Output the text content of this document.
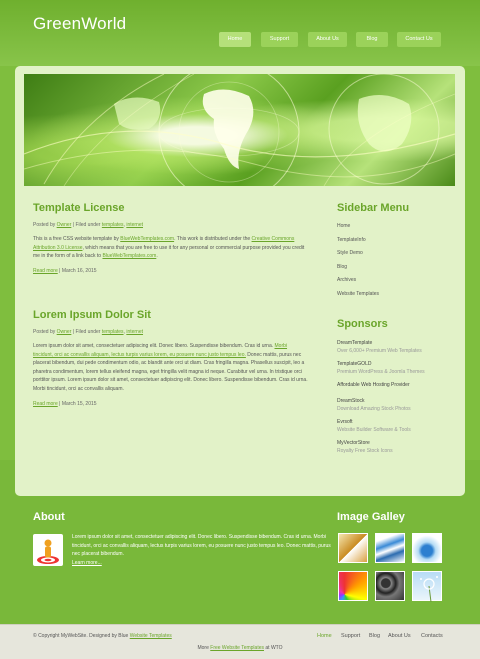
GreenWorld
Home	Support	About Us	Blog	Contact Us
Template License
Posted by Owner | Filed under templates, internet
This is a free CSS website template by BlueWebTemplates.com. This work is distributed under the Creative Commons Attribution 3.0 License, which means that you are free to use it for any personal or commercial purpose provided you credit me in the form of a link back to BlueWebTemplates.com.
Read more | March 16, 2015
Lorem Ipsum Dolor Sit
Posted by Owner | Filed under templates, internet
Lorem ipsum dolor sit amet, consectetuer adipiscing elit. Donec libero. Suspendisse bibendum. Cras id urna. Morbi tincidunt, orci ac convallis aliquam, lectus turpis varius lorem, eu posuere nunc justo tempus leo. Donec mattis, purus nec placerat bibendum, dui pede condimentum odio, ac blandit ante orci ut diam. Cras fringilla magna. Phasellus suscipit, leo a pharetra condimentum, lorem tellus eleifend magna, eget fringilla velit magna id neque. Curabitur vel urna. In tristique orci porttitor ipsum. Lorem ipsum dolor sit amet, consectetuer adipiscing elit. Donec libero. Suspendisse bibendum. Cras id urna. Morbi tincidunt, orci ac convallis aliquam.
Read more | March 15, 2015
Sidebar Menu
Home
TemplateInfo
Style Demo
Blog
Archives
Website Templates
Sponsors
DreamTemplate
Over 6,000+ Premium Web Templates
TemplateGOLD
Premium WordPress & Joomla Themes
Affordable Web Hosting Provider
DreamStock
Download Amazing Stock Photos
Evrsoft
Website Builder Software & Tools
MyVectorStore
Royalty Free Stock Icons
About
Lorem ipsum dolor sit amet, consectetuer adipiscing elit. Donec libero. Suspendisse bibendum. Cras id urna. Morbi tincidunt, orci ac convallis aliquam, lectus turpis varius lorem, eu posuere nunc justo tempus leo. Donec mattis, purus nec placerat bibendum.
Learn more...
Image Galley
© Copyright MyWebSite. Designed by Blue Website Templates	Home Support Blog About Us Contacts
More Free Website Templates at WTO
